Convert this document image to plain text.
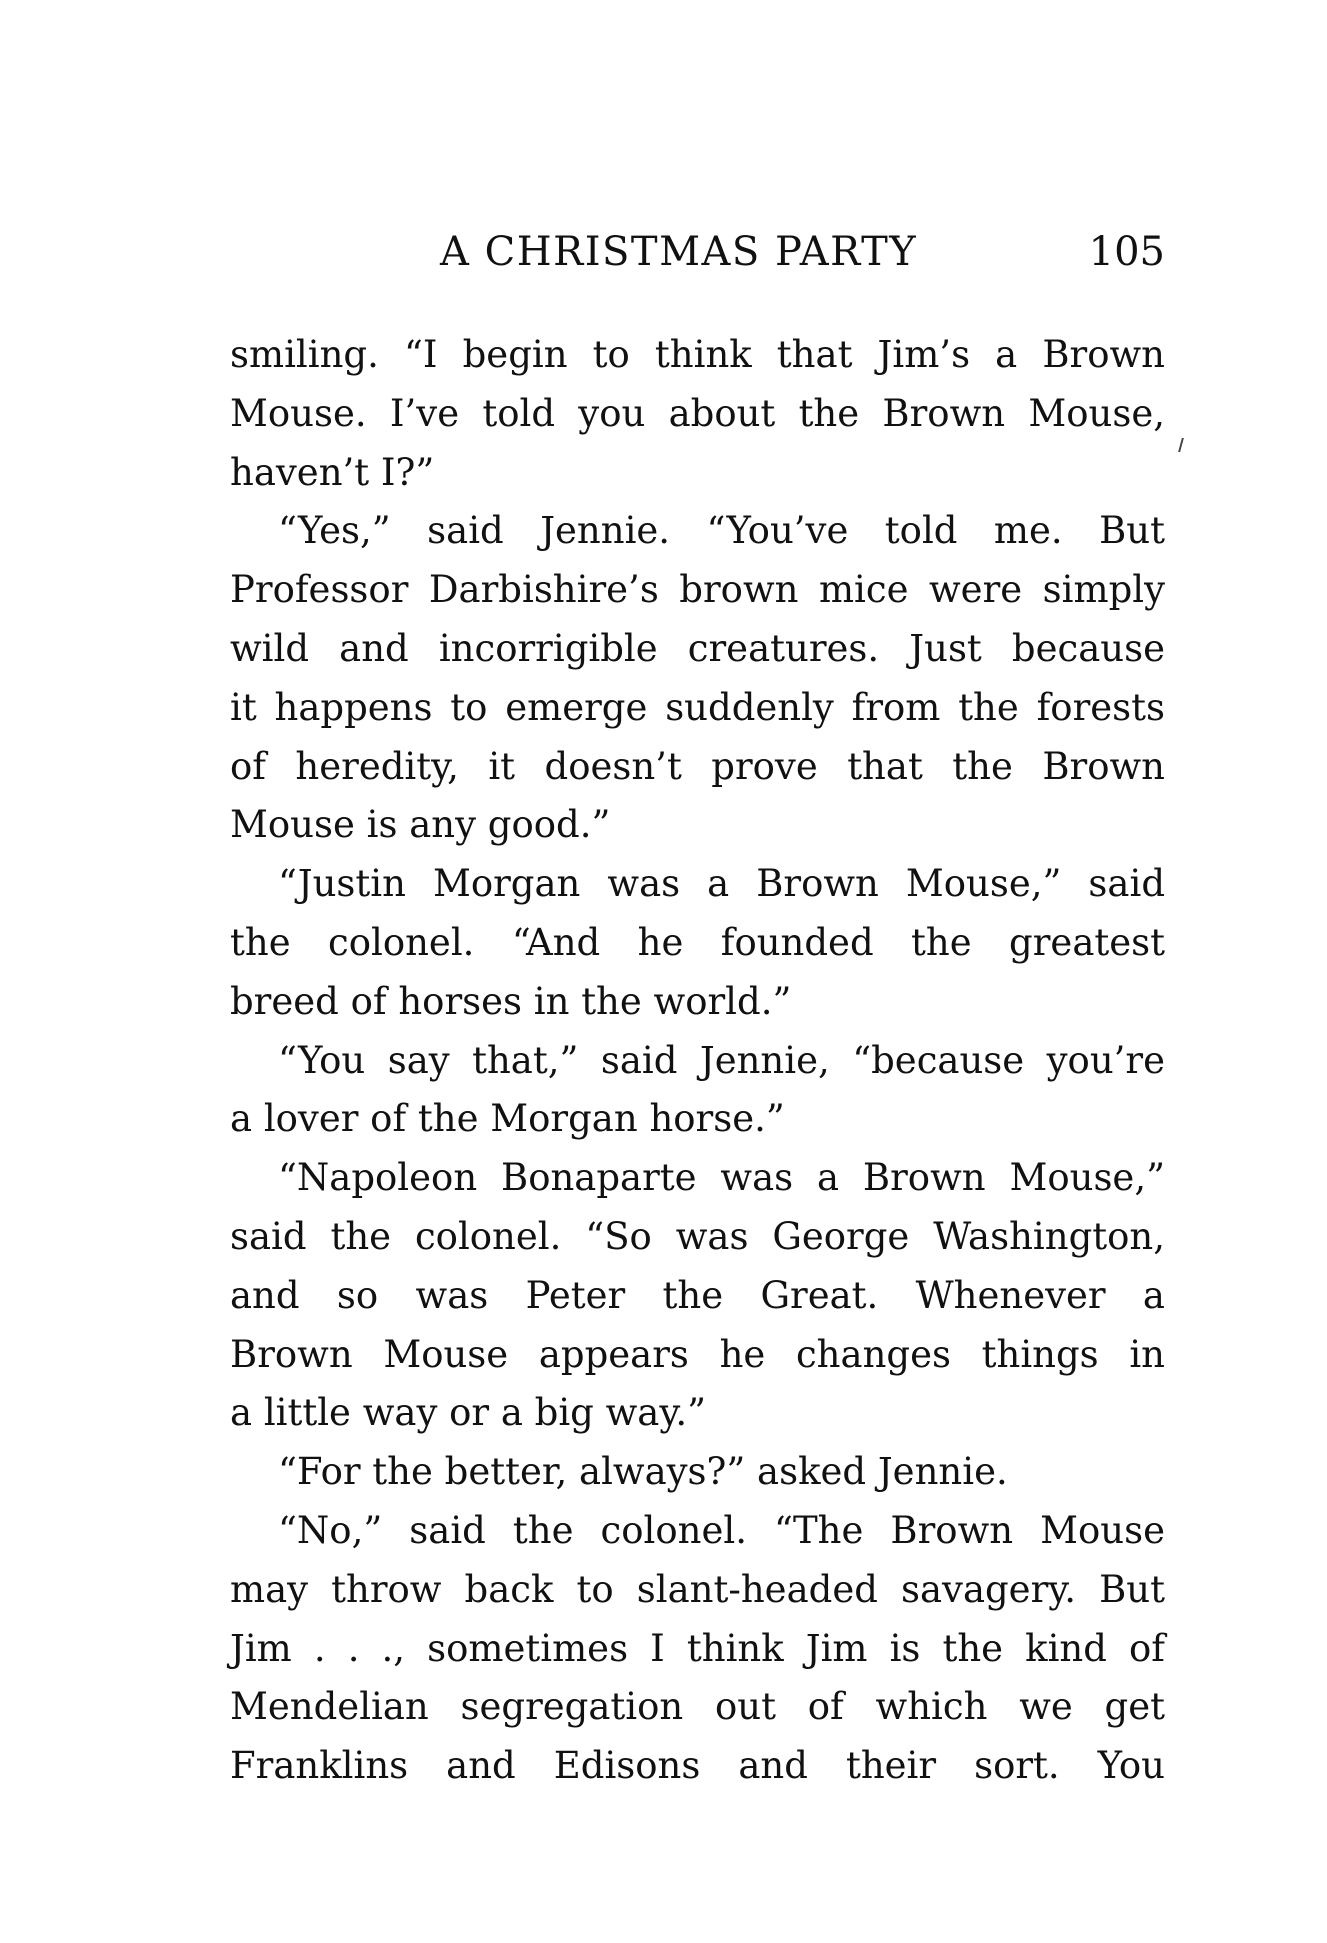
A CHRISTMAS PARTY	105
smiling. “I begin to think that Jim’s a Brown
Mouse. I’ve told you about the Brown Mouse,
haven’t I?”
“Yes,” said Jennie. “You’ve told me. But
Professor Darbishire’s brown mice were simply
wild and incorrigible creatures. Just because
it happens to emerge suddenly from the forests
of heredity, it doesn’t prove that the Brown
Mouse is any good.”
“Justin Morgan was a Brown Mouse,” said
the colonel. “And he founded the greatest
breed of horses in the world.”
“You say that,” said Jennie, “because you’re
a lover of the Morgan horse.”
“Napoleon Bonaparte was a Brown Mouse,”
said the colonel. “So was George Washington,
and so was Peter the Great. Whenever a
Brown Mouse appears he changes things in
a little way or a big way.”
“For the better, always?” asked Jennie.
“No,” said the colonel. “The Brown Mouse
may throw back to slant-headed savagery. But
Jim . . ., sometimes I think Jim is the kind of
Mendelian segregation out of which we get
Franklins and Edisons and their sort. You
